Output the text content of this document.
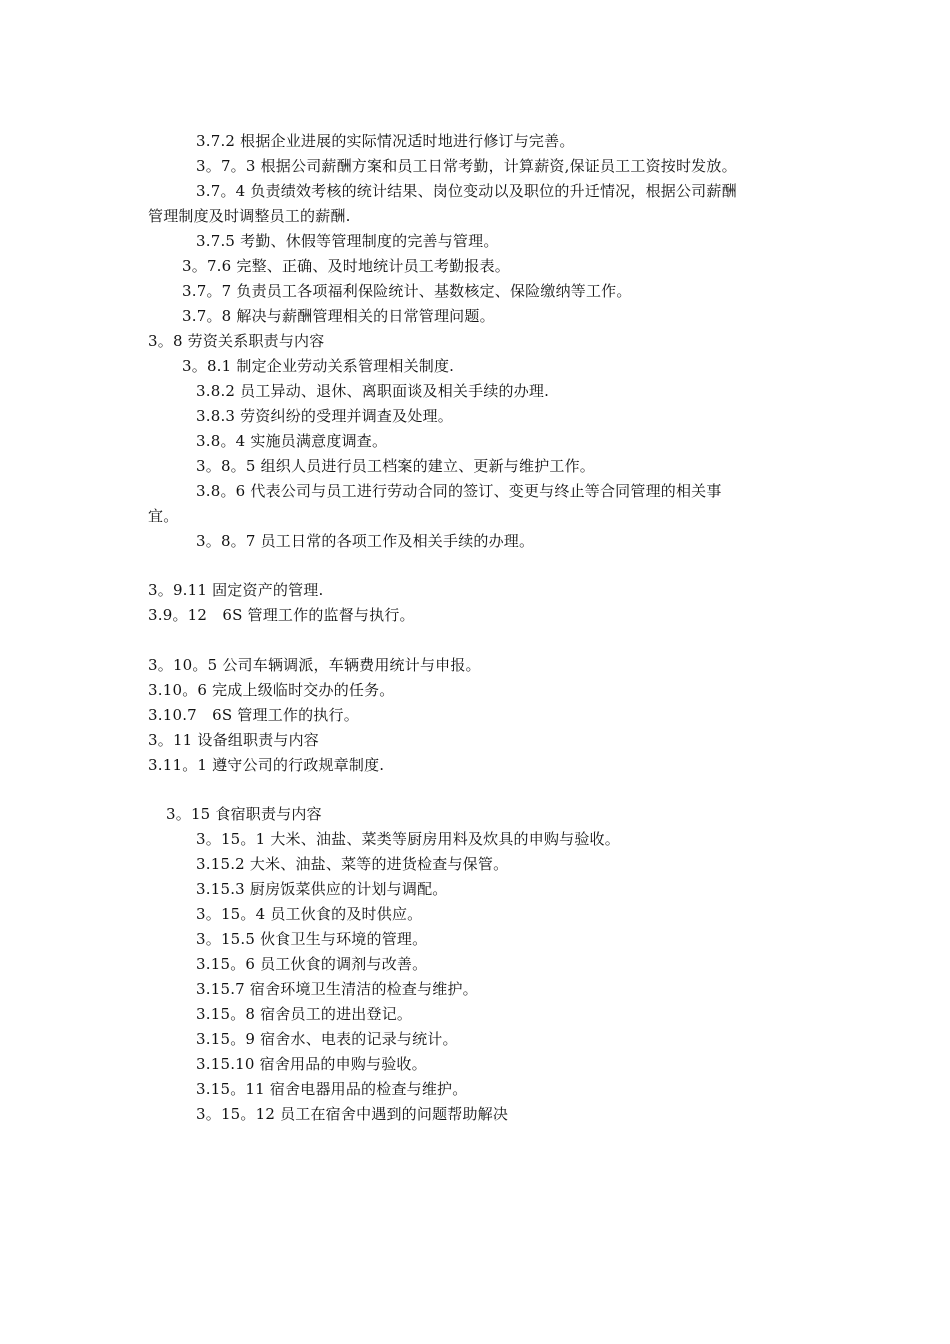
3.7.2 根据企业进展的实际情况适时地进行修订与完善。
3。7。3 根据公司薪酬方案和员工日常考勤，计算薪资,保证员工工资按时发放。
3.7。4 负责绩效考核的统计结果、岗位变动以及职位的升迁情况，根据公司薪酬
管理制度及时调整员工的薪酬.
3.7.5 考勤、休假等管理制度的完善与管理。
3。7.6 完整、正确、及时地统计员工考勤报表。
3.7。7 负责员工各项福利保险统计、基数核定、保险缴纳等工作。
3.7。8 解决与薪酬管理相关的日常管理问题。
3。8 劳资关系职责与内容
3。8.1 制定企业劳动关系管理相关制度.
3.8.2 员工异动、退休、离职面谈及相关手续的办理.
3.8.3 劳资纠纷的受理并调查及处理。
3.8。4 实施员满意度调查。
3。8。5 组织人员进行员工档案的建立、更新与维护工作。
3.8。6 代表公司与员工进行劳动合同的签订、变更与终止等合同管理的相关事
宜。
3。8。7 员工日常的各项工作及相关手续的办理。
3。9.11 固定资产的管理.
3.9。12　6S 管理工作的监督与执行。
3。10。5 公司车辆调派，车辆费用统计与申报。
3.10。6 完成上级临时交办的任务。
3.10.7　6S 管理工作的执行。
3。11 设备组职责与内容
3.11。1 遵守公司的行政规章制度.
3。15 食宿职责与内容
3。15。1 大米、油盐、菜类等厨房用料及炊具的申购与验收。
3.15.2 大米、油盐、菜等的进货检查与保管。
3.15.3 厨房饭菜供应的计划与调配。
3。15。4 员工伙食的及时供应。
3。15.5 伙食卫生与环境的管理。
3.15。6 员工伙食的调剂与改善。
3.15.7 宿舍环境卫生清洁的检查与维护。
3.15。8 宿舍员工的进出登记。
3.15。9 宿舍水、电表的记录与统计。
3.15.10 宿舍用品的申购与验收。
3.15。11 宿舍电器用品的检查与维护。
3。15。12 员工在宿舍中遇到的问题帮助解决
